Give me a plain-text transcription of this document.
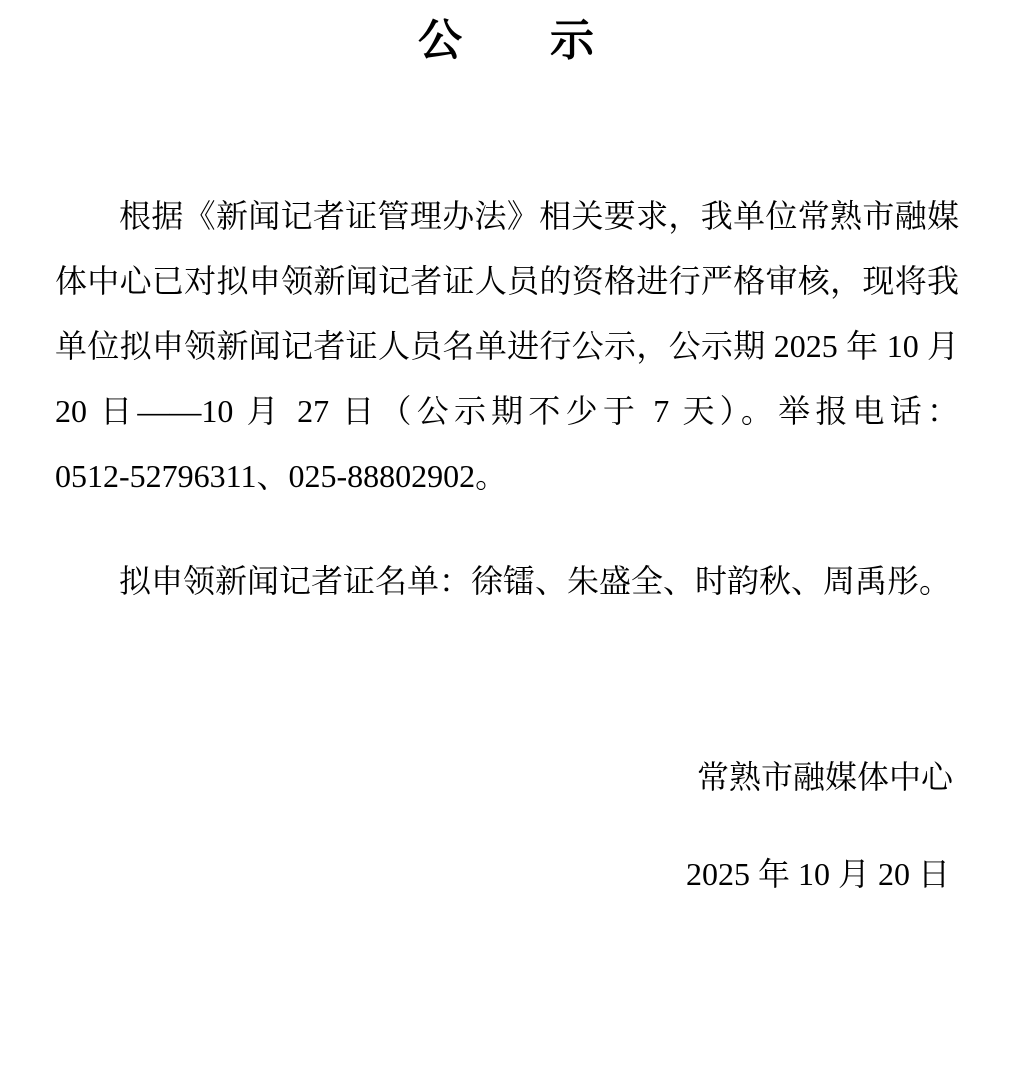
公　　示
根据《新闻记者证管理办法》相关要求，我单位常熟市融媒
体中心已对拟申领新闻记者证人员的资格进行严格审核，现将我
单位拟申领新闻记者证人员名单进行公示，公示期 2025 年 10 月
20 日——10 月 27 日（公示期不少于 7 天）。举报电话：
0512-52796311、025-88802902。
拟申领新闻记者证名单：徐镭、朱盛全、时韵秋、周禹彤。
常熟市融媒体中心
2025 年 10 月 20 日
